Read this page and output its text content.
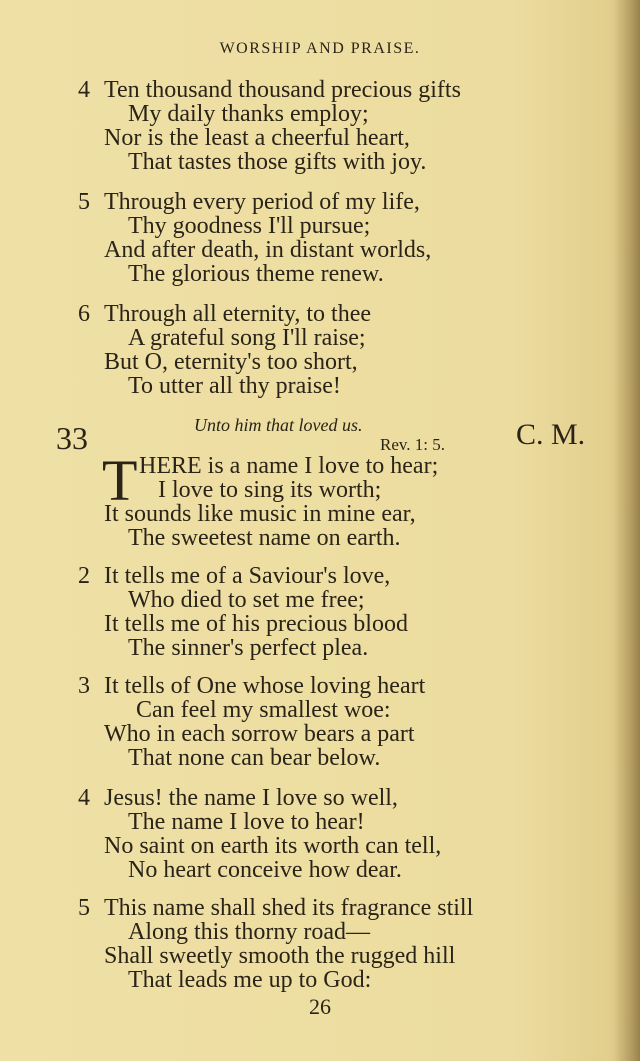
WORSHIP AND PRAISE.
4 Ten thousand thousand precious gifts
My daily thanks employ;
Nor is the least a cheerful heart,
That tastes those gifts with joy.
5 Through every period of my life,
Thy goodness I'll pursue;
And after death, in distant worlds,
The glorious theme renew.
6 Through all eternity, to thee
A grateful song I'll raise;
But O, eternity's too short,
To utter all thy praise!
33	Unto him that loved us.
Rev. 1: 5. C. M.
T HERE is a name I love to hear;
I love to sing its worth;
It sounds like music in mine ear,
The sweetest name on earth.
2 It tells me of a Saviour's love,
Who died to set me free;
It tells me of his precious blood
The sinner's perfect plea.
3 It tells of One whose loving heart
Can feel my smallest woe:
Who in each sorrow bears a part
That none can bear below.
4 Jesus! the name I love so well,
The name I love to hear!
No saint on earth its worth can tell,
No heart conceive how dear.
5 This name shall shed its fragrance still
Along this thorny road—
Shall sweetly smooth the rugged hill
That leads me up to God:
26
